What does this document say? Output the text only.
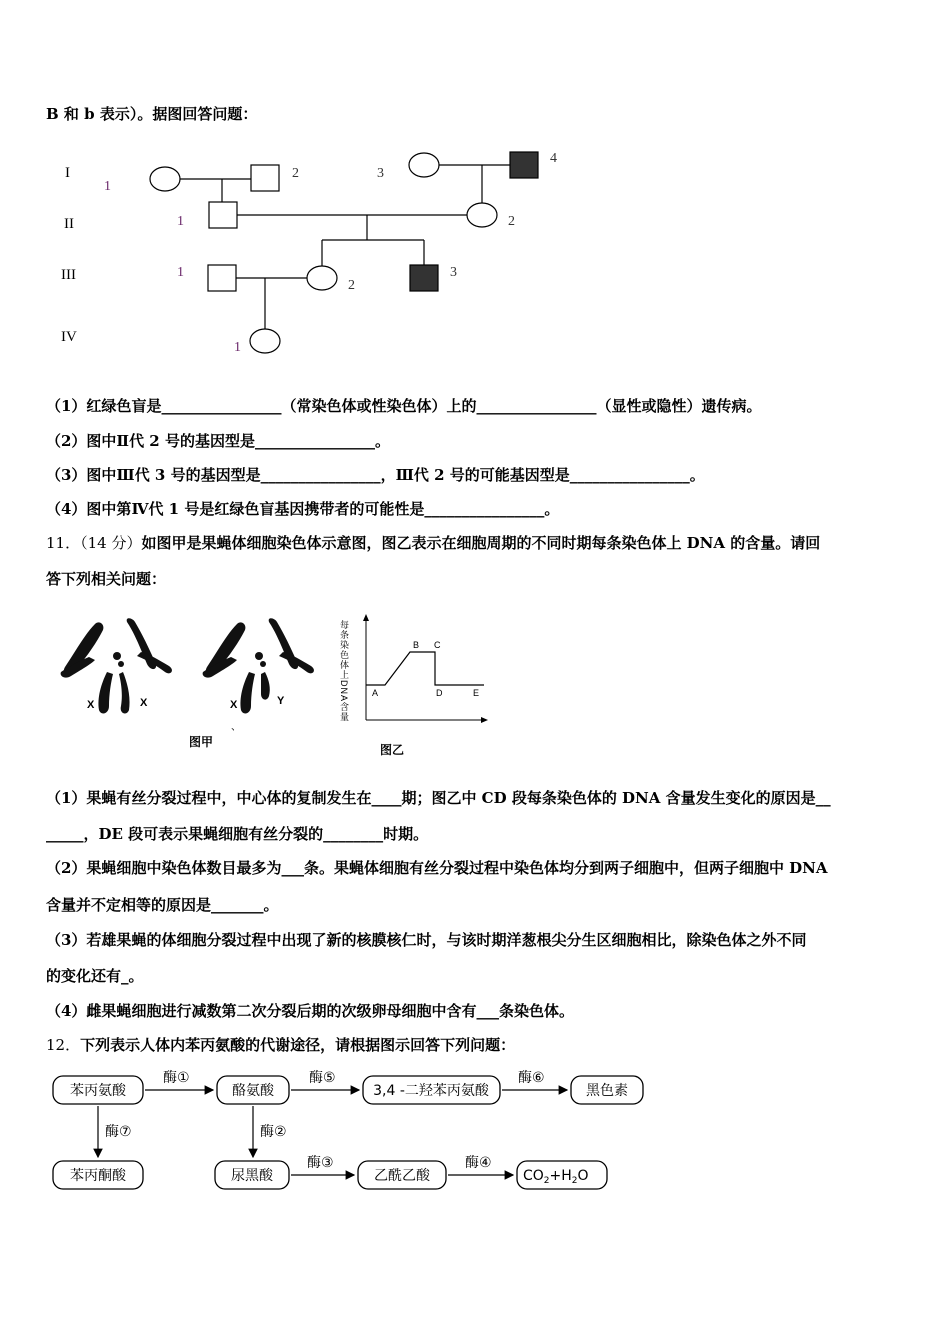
B 和 b 表示）。据图回答问题：
I
II
III
IV
1
2	3
4
1	2
1
2
3
1
（1）红绿色盲是________________（常染色体或性染色体）上的________________（显性或隐性）遗传病。
（2）图中Ⅱ代 2 号的基因型是________________。
（3）图中Ⅲ代 3 号的基因型是________________，Ⅲ代 2 号的可能基因型是________________。
（4）图中第Ⅳ代 1 号是红绿色盲基因携带者的可能性是________________。
11．（14 分）如图甲是果蝇体细胞染色体示意图，图乙表示在细胞周期的不同时期每条染色体上 DNA 的含量。请回
答下列相关问题：
X	X	X	Y
、
图甲
每条染色体上DNA含量	A
B C
D	E
图乙
（1）果蝇有丝分裂过程中，中心体的复制发生在____期；图乙中 CD 段每条染色体的 DNA 含量发生变化的原因是__
_____，DE 段可表示果蝇细胞有丝分裂的________时期。
（2）果蝇细胞中染色体数目最多为___条。果蝇体细胞有丝分裂过程中染色体均分到两子细胞中，但两子细胞中 DNA
含量并不定相等的原因是_______。
（3）若雄果蝇的体细胞分裂过程中出现了新的核膜核仁时，与该时期洋葱根尖分生区细胞相比，除染色体之外不同
的变化还有_。
（4）雌果蝇细胞进行减数第二次分裂后期的次级卵母细胞中含有___条染色体。
12．下列表示人体内苯丙氨酸的代谢途径，请根据图示回答下列问题：
苯丙氨酸	酪氨酸	3,4 -二羟苯丙氨酸	黑色素
酶①	酶⑤	酶⑥
酶⑦	酶②
苯丙酮酸	尿黑酸	乙酰乙酸	$CO_2+H_2O$
酶③	酶④
